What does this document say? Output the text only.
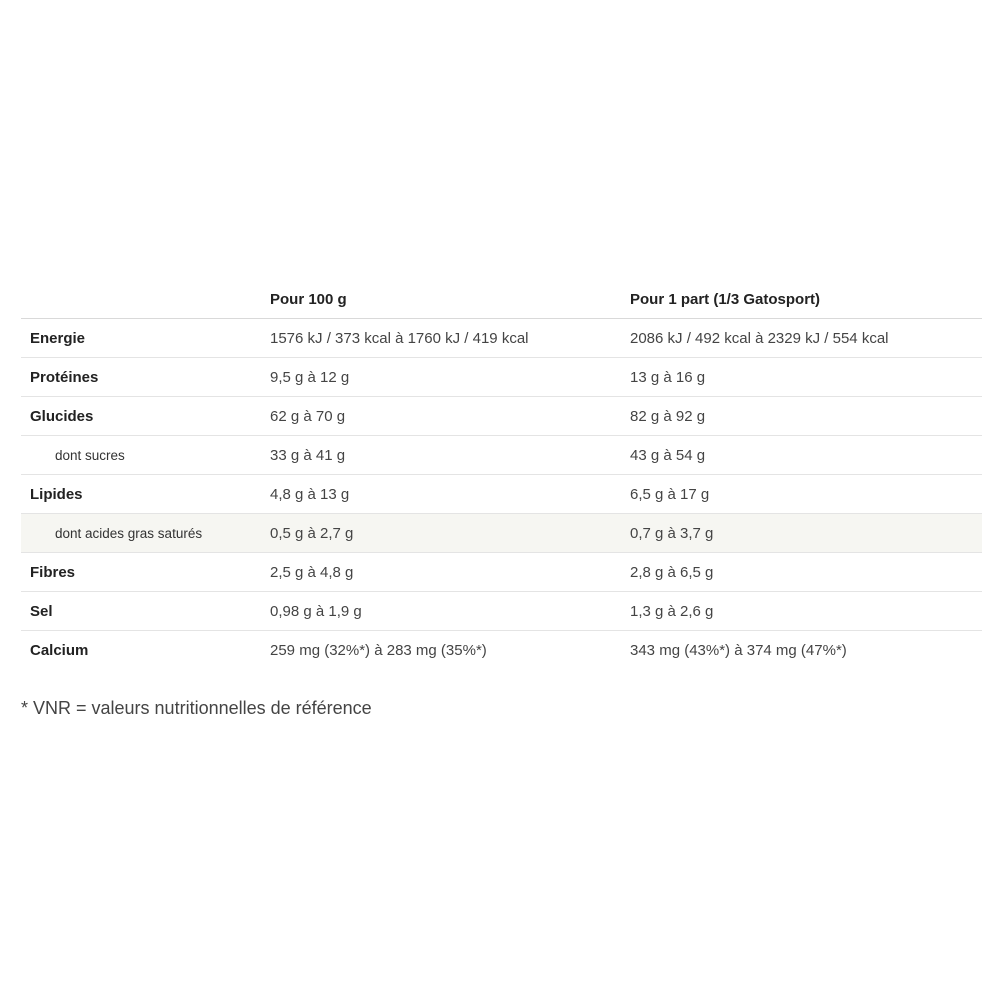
	Pour 100 g	Pour 1 part (1/3 Gatosport)
Energie	1576 kJ / 373 kcal à 1760 kJ / 419 kcal	2086 kJ / 492 kcal à 2329 kJ / 554 kcal
Protéines	9,5 g à 12 g	13 g à 16 g
Glucides	62 g à 70 g	82 g à 92 g
dont sucres	33 g à 41 g	43 g à 54 g
Lipides	4,8 g à 13 g	6,5 g à 17 g
dont acides gras saturés	0,5 g à 2,7 g	0,7 g à 3,7 g
Fibres	2,5 g à 4,8 g	2,8 g à 6,5 g
Sel	0,98 g à 1,9 g	1,3 g à 2,6 g
Calcium	259 mg (32%*) à 283 mg (35%*)	343 mg (43%*) à 374 mg (47%*)

* VNR = valeurs nutritionnelles de référence
